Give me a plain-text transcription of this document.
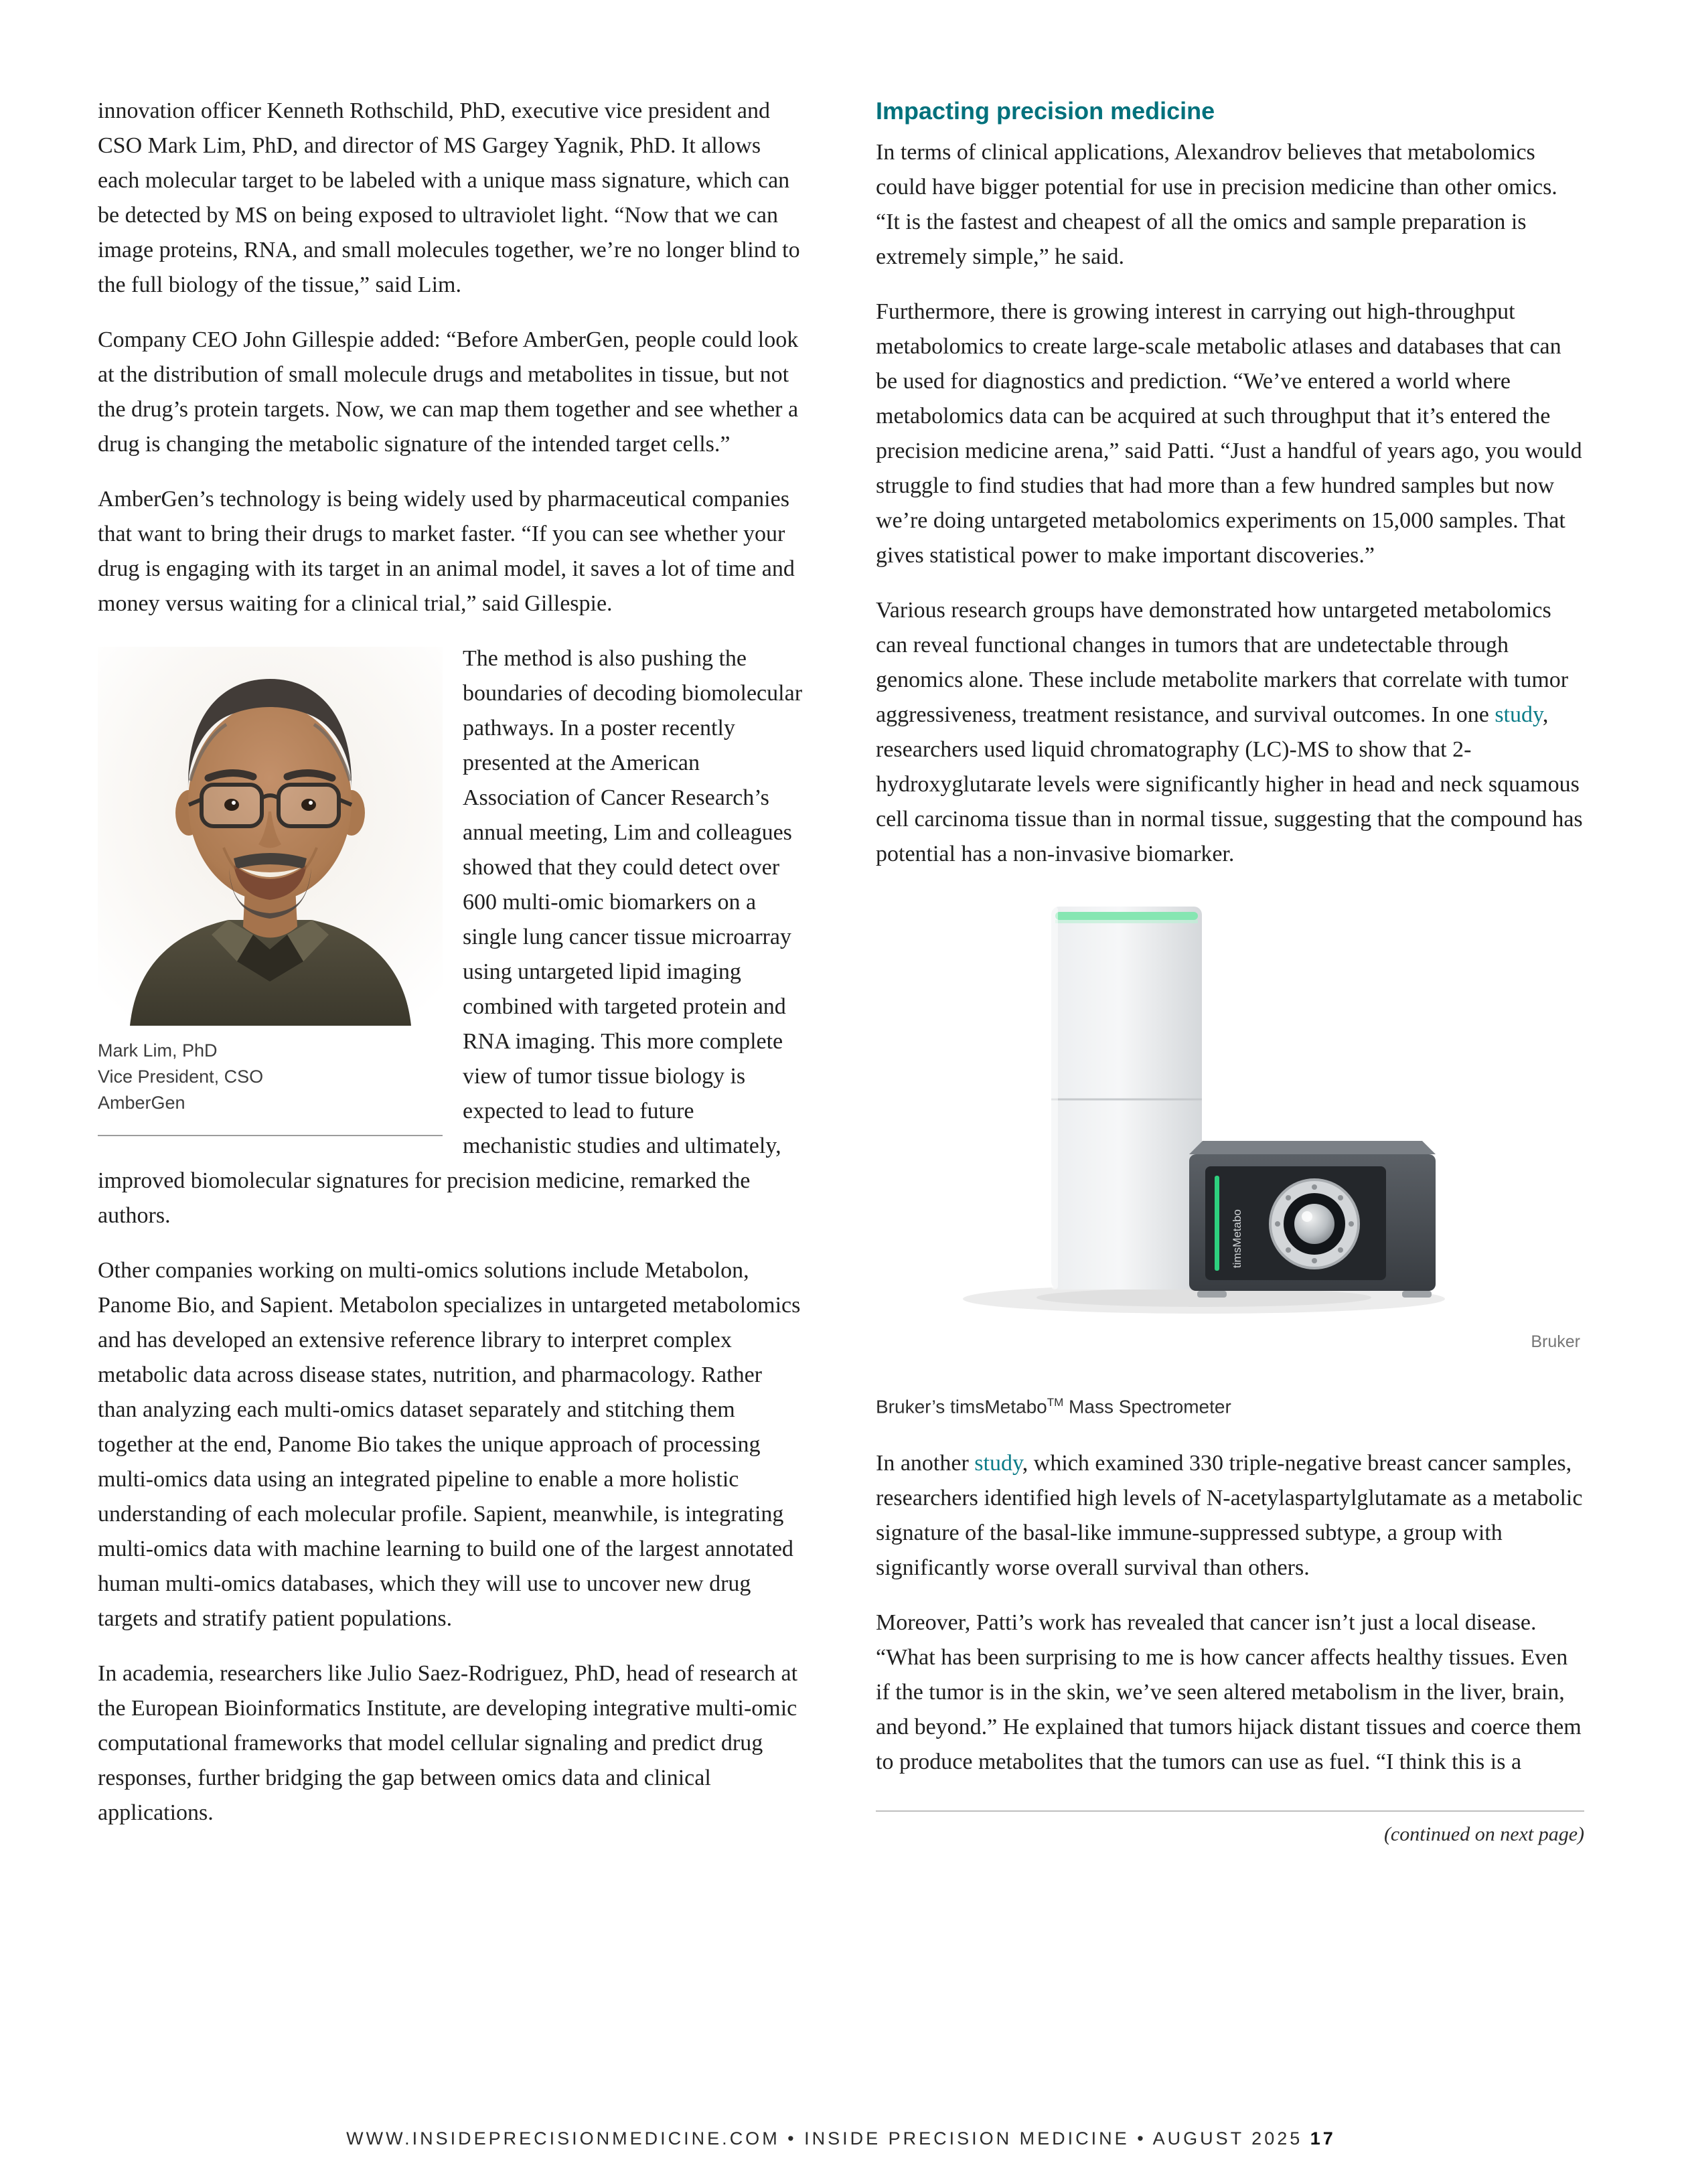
innovation officer Kenneth Rothschild, PhD, executive vice president and CSO Mark Lim, PhD, and director of MS Gargey Yagnik, PhD. It allows each molecular target to be labeled with a unique mass signature, which can be detected by MS on being exposed to ultraviolet light. “Now that we can image proteins, RNA, and small molecules together, we’re no longer blind to the full biology of the tissue,” said Lim.

Company CEO John Gillespie added: “Before AmberGen, people could look at the distribution of small molecule drugs and metabolites in tissue, but not the drug’s protein targets. Now, we can map them together and see whether a drug is changing the metabolic signature of the intended target cells.”

AmberGen’s technology is being widely used by pharmaceutical companies that want to bring their drugs to market faster. “If you can see whether your drug is engaging with its target in an animal model, it saves a lot of time and money versus waiting for a clinical trial,” said Gillespie.

Mark Lim, PhD
Vice President, CSO
AmberGen

The method is also pushing the boundaries of decoding biomolecular pathways. In a poster recently presented at the American Association of Cancer Research’s annual meeting, Lim and colleagues showed that they could detect over 600 multi-omic biomarkers on a single lung cancer tissue microarray using untargeted lipid imaging combined with targeted protein and RNA imaging. This more complete view of tumor tissue biology is expected to lead to future mechanistic studies and ultimately, improved biomolecular signatures for precision medicine, remarked the authors.

Other companies working on multi-omics solutions include Metabolon, Panome Bio, and Sapient. Metabolon specializes in untargeted metabolomics and has developed an extensive reference library to interpret complex metabolic data across disease states, nutrition, and pharmacology. Rather than analyzing each multi-omics dataset separately and stitching them together at the end, Panome Bio takes the unique approach of processing multi-omics data using an integrated pipeline to enable a more holistic understanding of each molecular profile. Sapient, meanwhile, is integrating multi-omics data with machine learning to build one of the largest annotated human multi-omics databases, which they will use to uncover new drug targets and stratify patient populations.

In academia, researchers like Julio Saez-Rodriguez, PhD, head of research at the European Bioinformatics Institute, are developing integrative multi-omic computational frameworks that model cellular signaling and predict drug responses, further bridging the gap between omics data and clinical applications.

Impacting precision medicine

In terms of clinical applications, Alexandrov believes that metabolomics could have bigger potential for use in precision medicine than other omics. “It is the fastest and cheapest of all the omics and sample preparation is extremely simple,” he said.

Furthermore, there is growing interest in carrying out high-throughput metabolomics to create large-scale metabolic atlases and databases that can be used for diagnostics and prediction. “We’ve entered a world where metabolomics data can be acquired at such throughput that it’s entered the precision medicine arena,” said Patti. “Just a handful of years ago, you would struggle to find studies that had more than a few hundred samples but now we’re doing untargeted metabolomics experiments on 15,000 samples. That gives statistical power to make important discoveries.”

Various research groups have demonstrated how untargeted metabolomics can reveal functional changes in tumors that are undetectable through genomics alone. These include metabolite markers that correlate with tumor aggressiveness, treatment resistance, and survival outcomes. In one study, researchers used liquid chromatography (LC)-MS to show that 2-hydroxyglutarate levels were significantly higher in head and neck squamous cell carcinoma tissue than in normal tissue, suggesting that the compound has potential has a non-invasive biomarker.

timsMetabo
Bruker
Bruker’s timsMetabo™ Mass Spectrometer

In another study, which examined 330 triple-negative breast cancer samples, researchers identified high levels of N-acetylaspartylglutamate as a metabolic signature of the basal-like immune-suppressed subtype, a group with significantly worse overall survival than others.

Moreover, Patti’s work has revealed that cancer isn’t just a local disease. “What has been surprising to me is how cancer affects healthy tissues. Even if the tumor is in the skin, we’ve seen altered metabolism in the liver, brain, and beyond.” He explained that tumors hijack distant tissues and coerce them to produce metabolites that the tumors can use as fuel. “I think this is a

(continued on next page)
WWW.INSIDEPRECISIONMEDICINE.COM • INSIDE PRECISION MEDICINE • AUGUST 2025 17
